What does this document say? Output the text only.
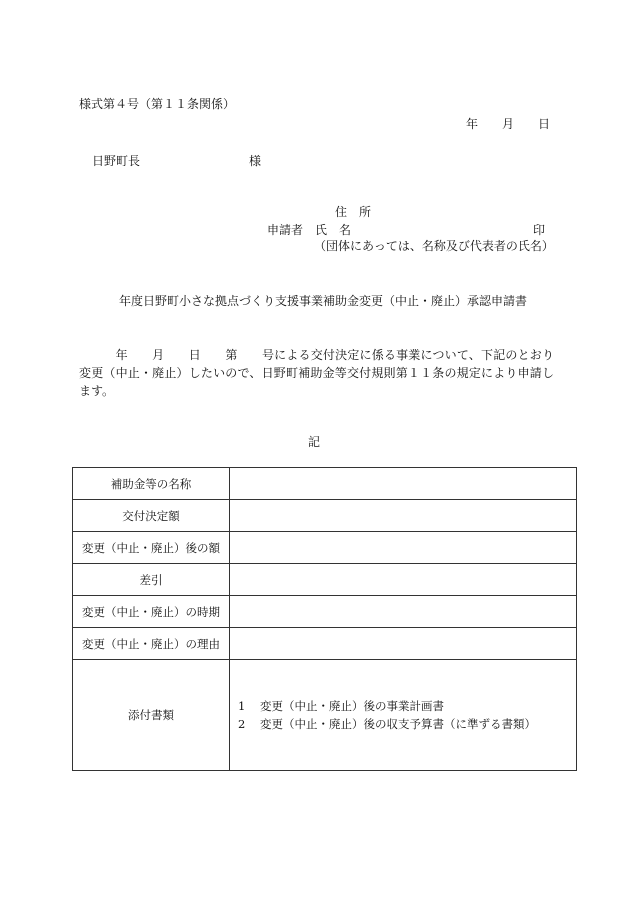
様式第４号（第１１条関係）
年 月 日
日野町長	様
住　所
申請者　氏　名	印
（団体にあっては、名称及び代表者の氏名）
年度日野町小さな拠点づくり支援事業補助金変更（中止・廃止）承認申請書
　　　年　　月　　日　　第　　号による交付決定に係る事業について、下記のとおり変更（中止・廃止）したいので、日野町補助金等交付規則第１１条の規定により申請します。
記
補助金等の名称	
交付決定額	
変更（中止・廃止）後の額	
差引	
変更（中止・廃止）の時期	
変更（中止・廃止）の理由	
添付書類	1 変更（中止・廃止）後の事業計画書
2 変更（中止・廃止）後の収支予算書（に準ずる書類）
